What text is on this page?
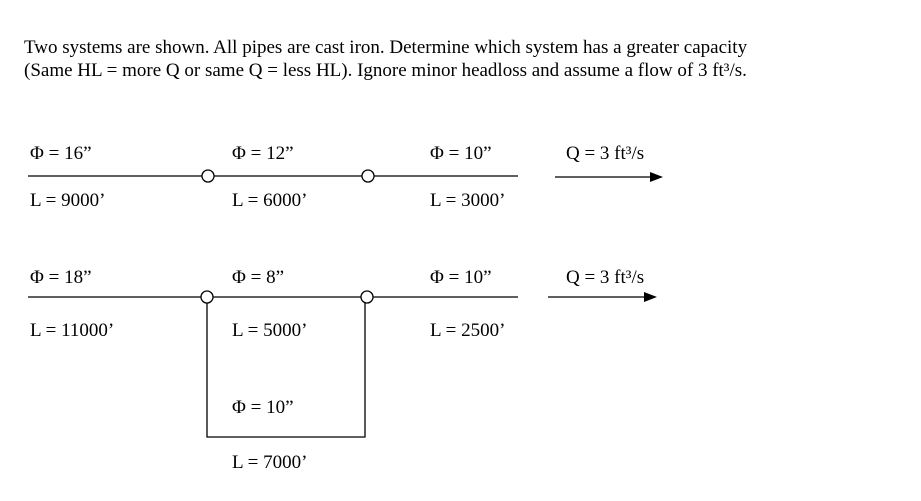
Two systems are shown. All pipes are cast iron. Determine which system has a greater capacity

(Same HL = more Q or same Q = less HL). Ignore minor headloss and assume a flow of 3 ft³/s.

Φ = 16”
L = 9000’
Φ = 12”
L = 6000’
Φ = 10”
L = 3000’
Q = 3 ft³/s
Φ = 18”
L = 11000’
Φ = 8”
L = 5000’
Φ = 10”
L = 7000’
Φ = 10”
L = 2500’
Q = 3 ft³/s
